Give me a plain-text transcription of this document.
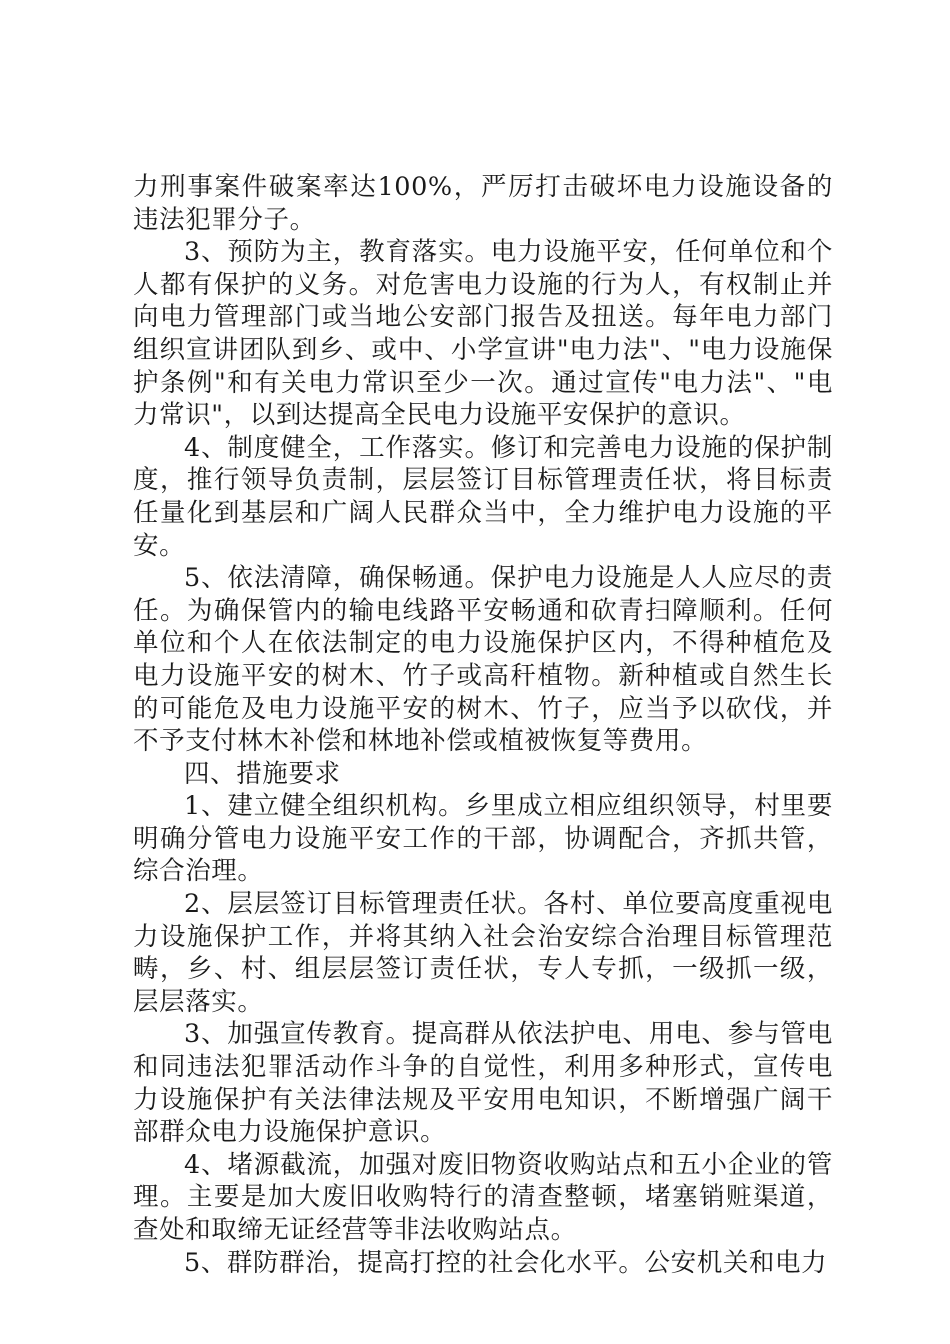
力刑事案件破案率达100%，严厉打击破坏电力设施设备的违法犯罪分子。

3、预防为主，教育落实。电力设施平安，任何单位和个人都有保护的义务。对危害电力设施的行为人，有权制止并向电力管理部门或当地公安部门报告及扭送。每年电力部门组织宣讲团队到乡、或中、小学宣讲"电力法"、"电力设施保护条例"和有关电力常识至少一次。通过宣传"电力法"、"电力常识"，以到达提高全民电力设施平安保护的意识。

4、制度健全，工作落实。修订和完善电力设施的保护制度，推行领导负责制，层层签订目标管理责任状，将目标责任量化到基层和广阔人民群众当中，全力维护电力设施的平安。

5、依法清障，确保畅通。保护电力设施是人人应尽的责任。为确保管内的输电线路平安畅通和砍青扫障顺利。任何单位和个人在依法制定的电力设施保护区内，不得种植危及电力设施平安的树木、竹子或高秆植物。新种植或自然生长的可能危及电力设施平安的树木、竹子，应当予以砍伐，并不予支付林木补偿和林地补偿或植被恢复等费用。

四、措施要求

1、建立健全组织机构。乡里成立相应组织领导，村里要明确分管电力设施平安工作的干部，协调配合，齐抓共管，综合治理。

2、层层签订目标管理责任状。各村、单位要高度重视电力设施保护工作，并将其纳入社会治安综合治理目标管理范畴，乡、村、组层层签订责任状，专人专抓，一级抓一级，层层落实。

3、加强宣传教育。提高群从依法护电、用电、参与管电和同违法犯罪活动作斗争的自觉性，利用多种形式，宣传电力设施保护有关法律法规及平安用电知识，不断增强广阔干部群众电力设施保护意识。

4、堵源截流，加强对废旧物资收购站点和五小企业的管理。主要是加大废旧收购特行的清查整顿，堵塞销赃渠道，查处和取缔无证经营等非法收购站点。

5、群防群治，提高打控的社会化水平。公安机关和电力
